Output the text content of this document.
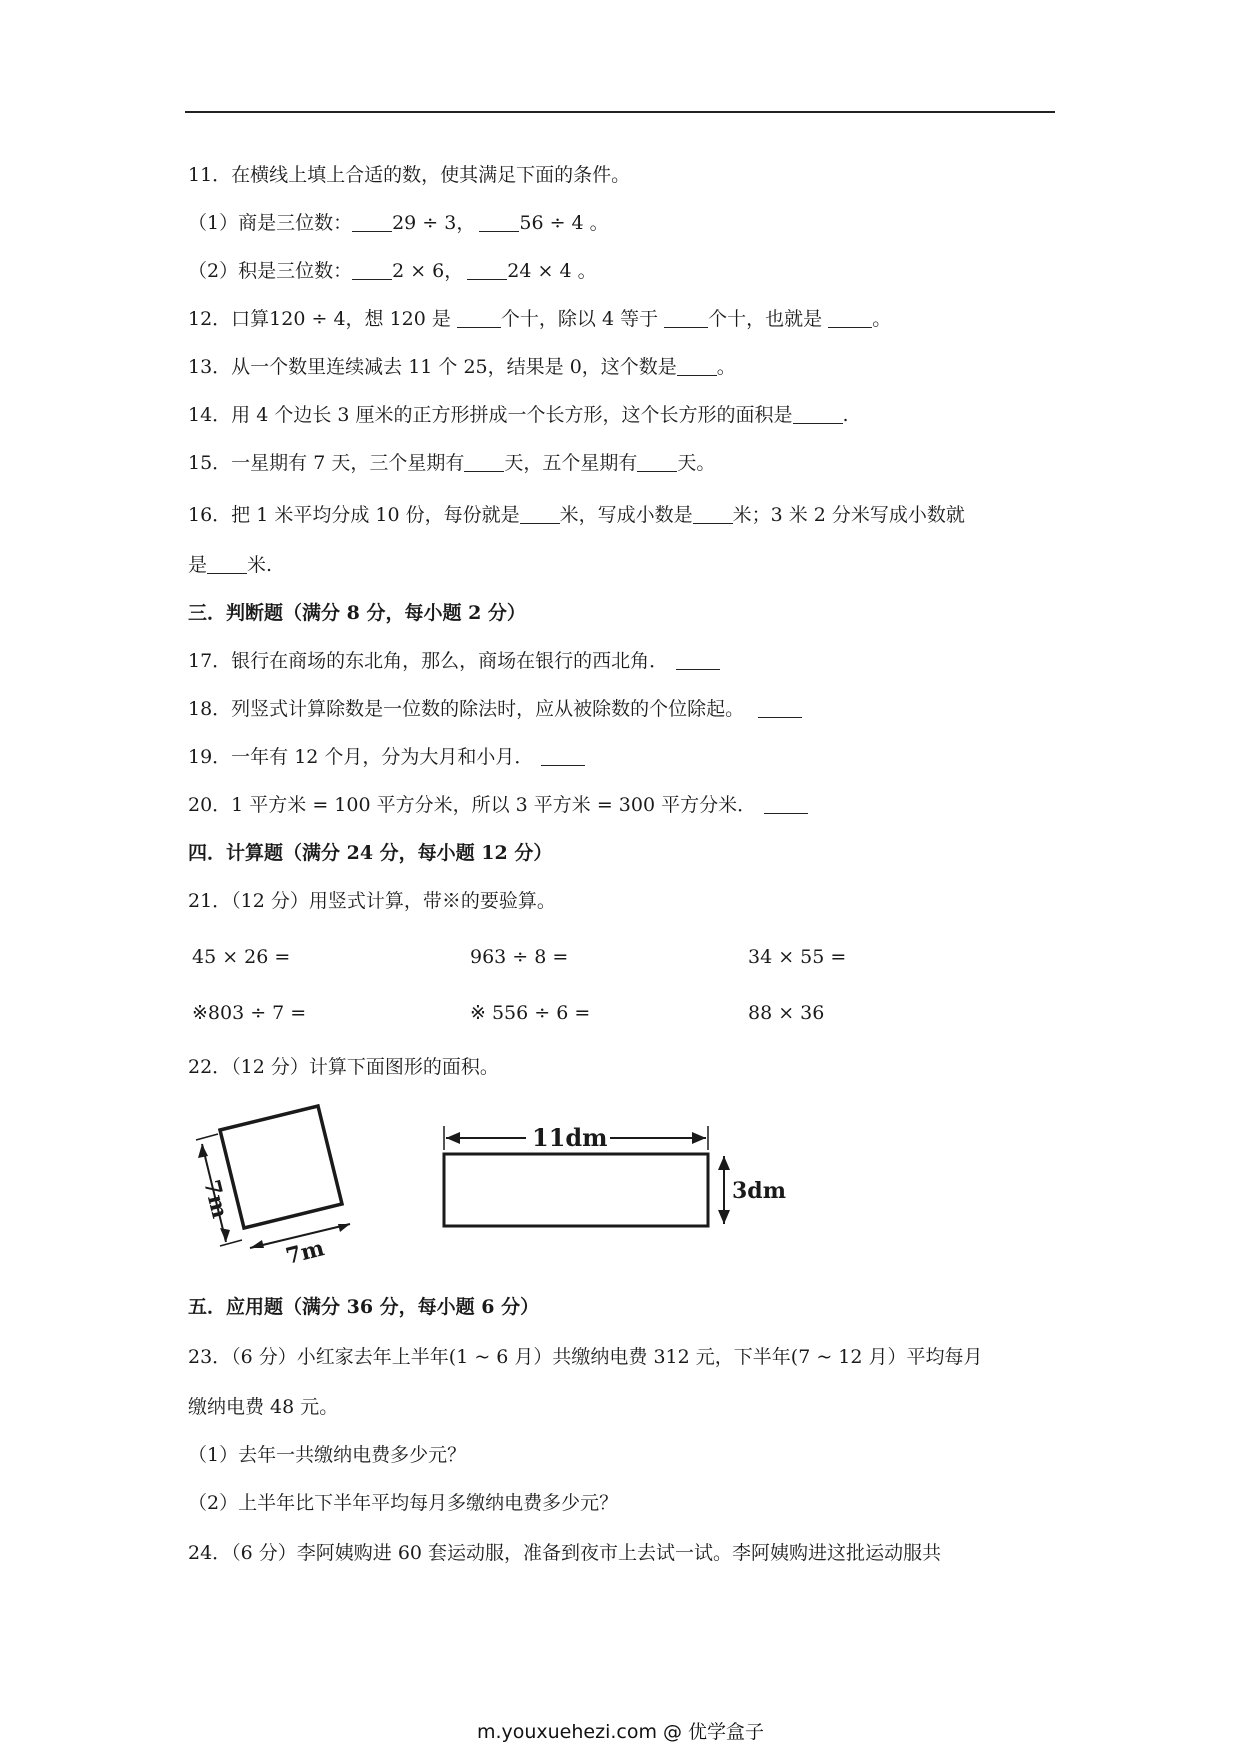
11．在横线上填上合适的数，使其满足下面的条件。
（1）商是三位数： 29 ÷ 3， 56 ÷ 4 。
（2）积是三位数： 2 × 6， 24 × 4 。
12．口算120 ÷ 4，想 120 是 个十，除以 4 等于 个十，也就是 。
13．从一个数里连续减去 11 个 25，结果是 0，这个数是 。
14．用 4 个边长 3 厘米的正方形拼成一个长方形，这个长方形的面积是	.
15．一星期有 7 天，三个星期有 天，五个星期有 天。
16．把 1 米平均分成 10 份，每份就是 米，写成小数是 米；3 米 2 分米写成小数就
是 米.
三．判断题（满分 8 分，每小题 2 分）
17．银行在商场的东北角，那么，商场在银行的西北角．
18．列竖式计算除数是一位数的除法时，应从被除数的个位除起。
19．一年有 12 个月，分为大月和小月．
20．1 平方米 = 100 平方分米，所以 3 平方米 = 300 平方分米．
四．计算题（满分 24 分，每小题 12 分）
21．（12 分）用竖式计算，带※的要验算。
45 × 26 =	963 ÷ 8 =	34 × 55 =
※803 ÷ 7 =	※ 556 ÷ 6 =	88 × 36
22．（12 分）计算下面图形的面积。
7m
7m
11dm
3dm
五．应用题（满分 36 分，每小题 6 分）
23．（6 分）小红家去年上半年(1 ~ 6 月）共缴纳电费 312 元，下半年(7 ~ 12 月）平均每月
缴纳电费 48 元。
（1）去年一共缴纳电费多少元？
（2）上半年比下半年平均每月多缴纳电费多少元？
24．（6 分）李阿姨购进 60 套运动服，准备到夜市上去试一试。李阿姨购进这批运动服共
m.youxuehezi.com @ 优学盒子
